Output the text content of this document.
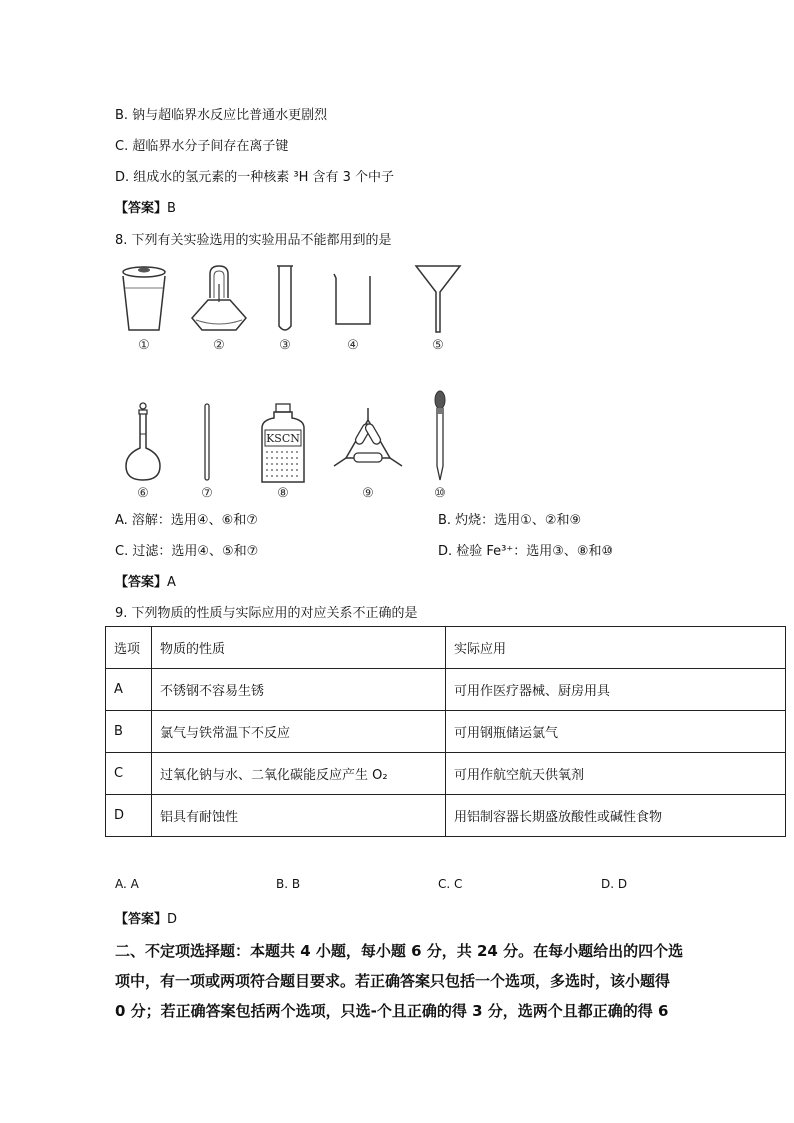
B. 钠与超临界水反应比普通水更剧烈
C. 超临界水分子间存在离子键
D. 组成水的氢元素的一种核素 ³H 含有 3 个中子
【答案】B
8. 下列有关实验选用的实验用品不能都用到的是
①	②	③	④	⑤
⑥	⑦
KSCN
⑧	⑨	⑩
A. 溶解：选用④、⑥和⑦	B. 灼烧：选用①、②和⑨
C. 过滤：选用④、⑤和⑦	D. 检验 Fe³⁺：选用③、⑧和⑩
【答案】A
9. 下列物质的性质与实际应用的对应关系不正确的是
选项	物质的性质	实际应用
A	不锈钢不容易生锈	可用作医疗器械、厨房用具
B	氯气与铁常温下不反应	可用钢瓶储运氯气
C	过氧化钠与水、二氧化碳能反应产生 O₂	可用作航空航天供氧剂
D	铝具有耐蚀性	用铝制容器长期盛放酸性或碱性食物
A. A	B. B	C. C	D. D
【答案】D
二、不定项选择题：本题共 4 小题，每小题 6 分，共 24 分。在每小题给出的四个选
项中，有一项或两项符合题目要求。若正确答案只包括一个选项，多选时，该小题得
0 分；若正确答案包括两个选项，只选-个且正确的得 3 分，选两个且都正确的得 6
